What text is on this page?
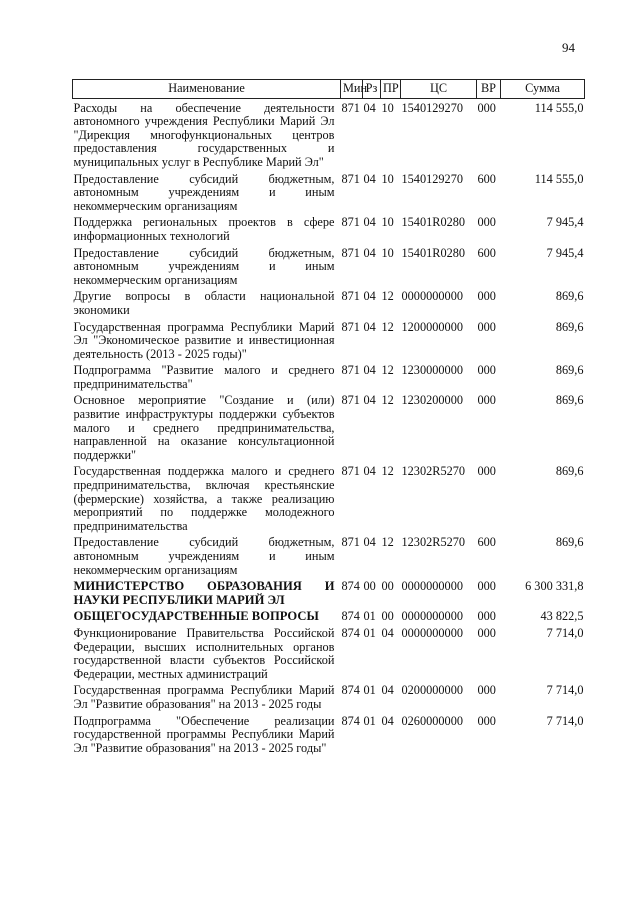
94
Наименование	Мин	Рз	ПР	ЦС	ВР	Сумма
Расходы на обеспечение деятельности автономного учреждения Республики Марий Эл "Дирекция многофункциональных центров предоставления государственных и муниципальных услуг в Республике Марий Эл"	871	04	10	1540129270	000	114 555,0
Предоставление субсидий бюджетным, автономным учреждениям и иным некоммерческим организациям	871	04	10	1540129270	600	114 555,0
Поддержка региональных проектов в сфере информационных технологий	871	04	10	15401R0280	000	7 945,4
Предоставление субсидий бюджетным, автономным учреждениям и иным некоммерческим организациям	871	04	10	15401R0280	600	7 945,4
Другие вопросы в области национальной экономики	871	04	12	0000000000	000	869,6
Государственная программа Республики Марий Эл "Экономическое развитие и инвестиционная деятельность (2013 - 2025 годы)"	871	04	12	1200000000	000	869,6
Подпрограмма "Развитие малого и среднего предпринимательства"	871	04	12	1230000000	000	869,6
Основное мероприятие "Создание и (или) развитие инфраструктуры поддержки субъектов малого и среднего предпринимательства, направленной на оказание консультационной поддержки"	871	04	12	1230200000	000	869,6
Государственная поддержка малого и среднего предпринимательства, включая крестьянские (фермерские) хозяйства, а также реализацию мероприятий по поддержке молодежного предпринимательства	871	04	12	12302R5270	000	869,6
Предоставление субсидий бюджетным, автономным учреждениям и иным некоммерческим организациям	871	04	12	12302R5270	600	869,6
МИНИСТЕРСТВО ОБРАЗОВАНИЯ И НАУКИ РЕСПУБЛИКИ МАРИЙ ЭЛ	874	00	00	0000000000	000	6 300 331,8
ОБЩЕГОСУДАРСТВЕННЫЕ ВОПРОСЫ	874	01	00	0000000000	000	43 822,5
Функционирование Правительства Российской Федерации, высших исполнительных органов государственной власти субъектов Российской Федерации, местных администраций	874	01	04	0000000000	000	7 714,0
Государственная программа Республики Марий Эл "Развитие образования" на 2013 - 2025 годы	874	01	04	0200000000	000	7 714,0
Подпрограмма "Обеспечение реализации государственной программы Республики Марий Эл "Развитие образования" на 2013 - 2025 годы"	874	01	04	0260000000	000	7 714,0
